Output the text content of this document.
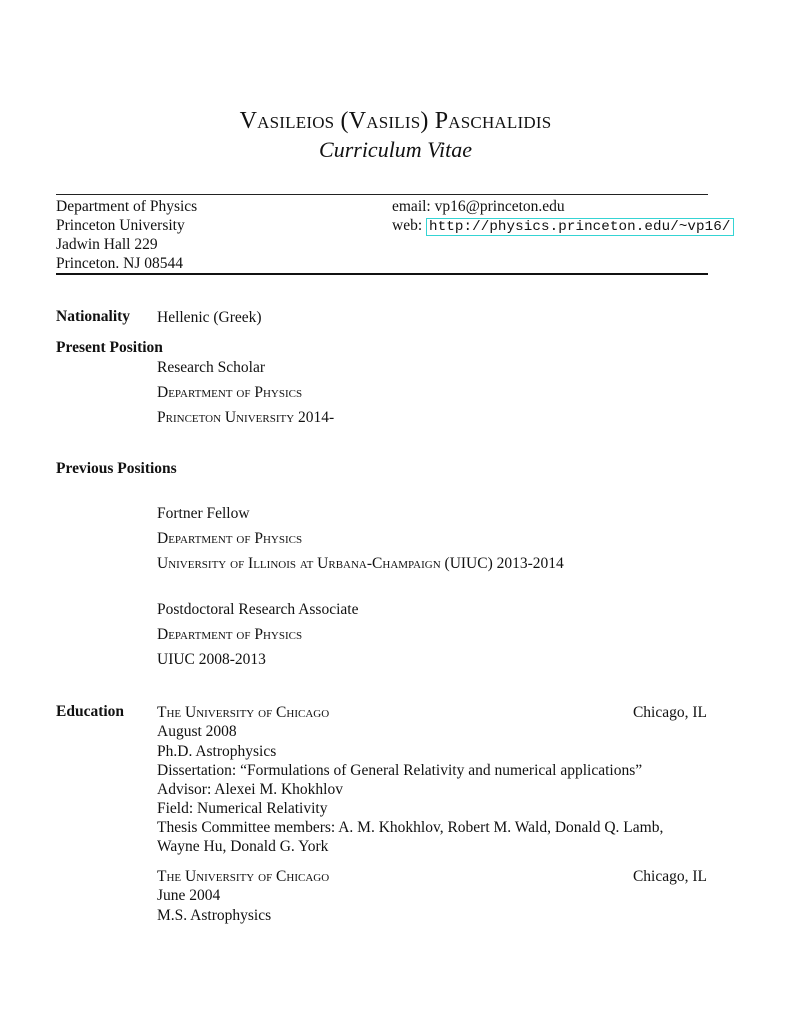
Vasileios (Vasilis) Paschalidis
Curriculum Vitae
Department of Physics
Princeton University
Jadwin Hall 229
Princeton. NJ 08544
email: vp16@princeton.edu
web: http://physics.princeton.edu/~vp16/
Nationality Hellenic (Greek)
Present Position
Research Scholar
Department of Physics
Princeton University 2014-
Previous Positions
Fortner Fellow
Department of Physics
University of Illinois at Urbana-Champaign (UIUC) 2013-2014
Postdoctoral Research Associate
Department of Physics
UIUC 2008-2013
Education The University of Chicago	Chicago, IL
August 2008
Ph.D. Astrophysics
Dissertation: “Formulations of General Relativity and numerical applications”
Advisor: Alexei M. Khokhlov
Field: Numerical Relativity
Thesis Committee members: A. M. Khokhlov, Robert M. Wald, Donald Q. Lamb,
Wayne Hu, Donald G. York
The University of Chicago	Chicago, IL
June 2004
M.S. Astrophysics
